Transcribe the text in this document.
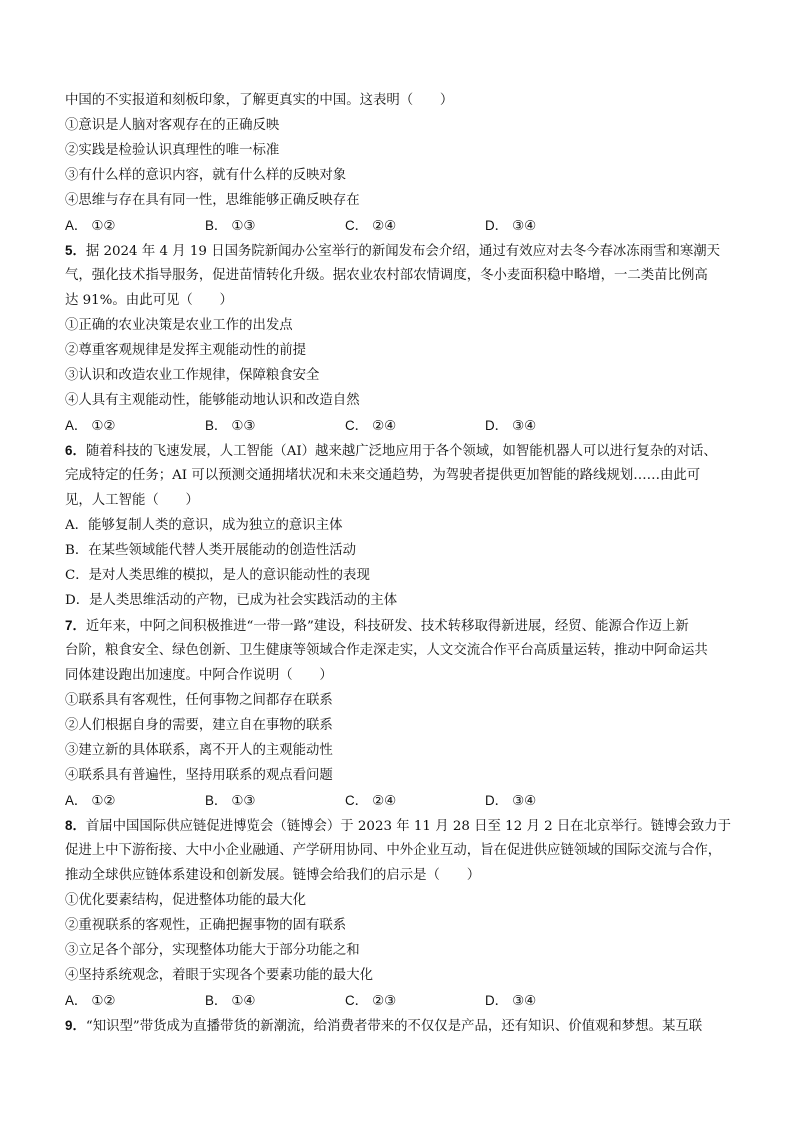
中国的不实报道和刻板印象，了解更真实的中国。这表明（　　）
①意识是人脑对客观存在的正确反映
②实践是检验认识真理性的唯一标准
③有什么样的意识内容，就有什么样的反映对象
④思维与存在具有同一性，思维能够正确反映存在
A． ①②	B． ①③	C． ②④	D． ③④
5．据 2024 年 4 月 19 日国务院新闻办公室举行的新闻发布会介绍，通过有效应对去冬今春冰冻雨雪和寒潮天
气，强化技术指导服务，促进苗情转化升级。据农业农村部农情调度，冬小麦面积稳中略增，一二类苗比例高
达 91%。由此可见（　　）
①正确的农业决策是农业工作的出发点
②尊重客观规律是发挥主观能动性的前提
③认识和改造农业工作规律，保障粮食安全
④人具有主观能动性，能够能动地认识和改造自然
A． ①②	B． ①③	C． ②④	D． ③④
6．随着科技的飞速发展，人工智能（AI）越来越广泛地应用于各个领域，如智能机器人可以进行复杂的对话、
完成特定的任务；AI 可以预测交通拥堵状况和未来交通趋势，为驾驶者提供更加智能的路线规划……由此可
见，人工智能（　　）
A．能够复制人类的意识，成为独立的意识主体
B．在某些领域能代替人类开展能动的创造性活动
C．是对人类思维的模拟，是人的意识能动性的表现
D．是人类思维活动的产物，已成为社会实践活动的主体
7．近年来，中阿之间积极推进“一带一路”建设，科技研发、技术转移取得新进展，经贸、能源合作迈上新
台阶，粮食安全、绿色创新、卫生健康等领域合作走深走实，人文交流合作平台高质量运转，推动中阿命运共
同体建设跑出加速度。中阿合作说明（　　）
①联系具有客观性，任何事物之间都存在联系
②人们根据自身的需要，建立自在事物的联系
③建立新的具体联系，离不开人的主观能动性
④联系具有普遍性，坚持用联系的观点看问题
A． ①②	B． ①③	C． ②④	D． ③④
8．首届中国国际供应链促进博览会（链博会）于 2023 年 11 月 28 日至 12 月 2 日在北京举行。链博会致力于
促进上中下游衔接、大中小企业融通、产学研用协同、中外企业互动，旨在促进供应链领域的国际交流与合作，
推动全球供应链体系建设和创新发展。链博会给我们的启示是（　　）
①优化要素结构，促进整体功能的最大化
②重视联系的客观性，正确把握事物的固有联系
③立足各个部分，实现整体功能大于部分功能之和
④坚持系统观念，着眼于实现各个要素功能的最大化
A． ①②	B． ①④	C． ②③	D． ③④
9．“知识型”带货成为直播带货的新潮流，给消费者带来的不仅仅是产品，还有知识、价值观和梦想。某互联
